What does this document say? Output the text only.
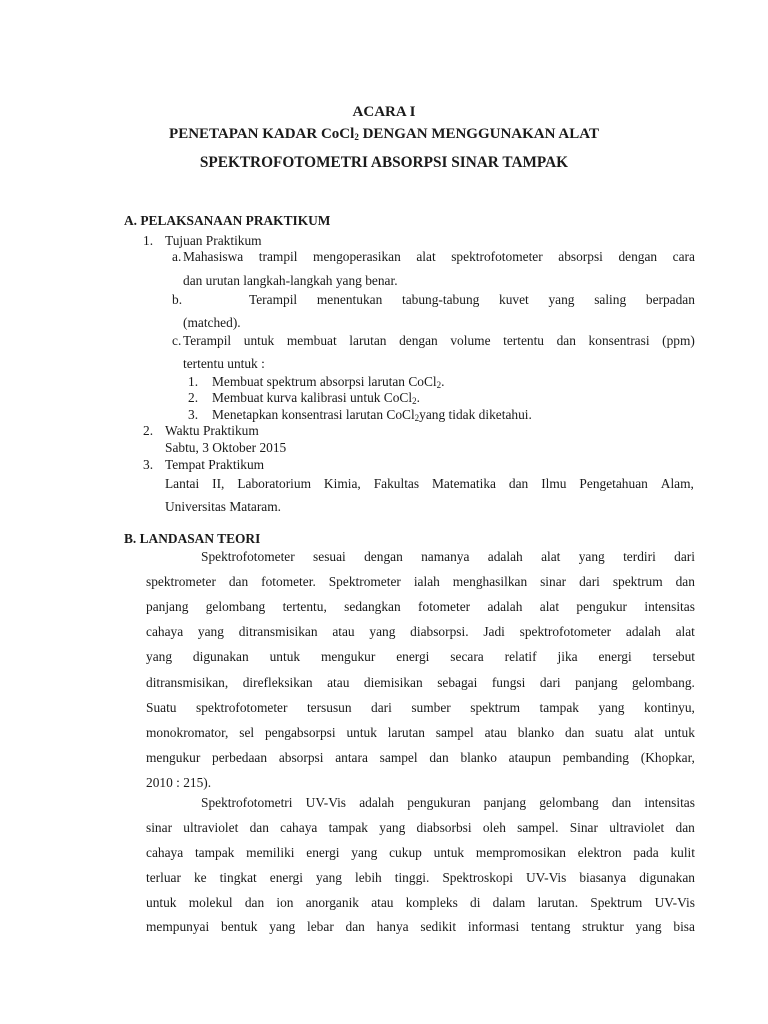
ACARA I
PENETAPAN KADAR CoCl$_2$ DENGAN MENGGUNAKAN ALAT
SPEKTROFOTOMETRI ABSORPSI SINAR TAMPAK
A. PELAKSANAAN PRAKTIKUM
1. Tujuan Praktikum
a. Mahasiswa trampil mengoperasikan alat spektrofotometer absorpsi dengan cara
dan urutan langkah-langkah yang benar.
b.	Terampil menentukan tabung-tabung kuvet yang saling berpadan
(matched).
c. Terampil untuk membuat larutan dengan volume tertentu dan konsentrasi (ppm)
tertentu untuk :
1. Membuat spektrum absorpsi larutan CoCl$_2$.
2. Membuat kurva kalibrasi untuk CoCl$_2$.
3. Menetapkan konsentrasi larutan CoCl$_2$yang tidak diketahui.
2. Waktu Praktikum
Sabtu, 3 Oktober 2015
3. Tempat Praktikum
Lantai II, Laboratorium Kimia, Fakultas Matematika dan Ilmu Pengetahuan Alam,
Universitas Mataram.
B. LANDASAN TEORI
Spektrofotometer sesuai dengan namanya adalah alat yang terdiri dari
spektrometer dan fotometer. Spektrometer ialah menghasilkan sinar dari spektrum dan
panjang gelombang tertentu, sedangkan fotometer adalah alat pengukur intensitas
cahaya yang ditransmisikan atau yang diabsorpsi. Jadi spektrofotometer adalah alat
yang digunakan untuk mengukur energi secara relatif jika energi tersebut
ditransmisikan, direfleksikan atau diemisikan sebagai fungsi dari panjang gelombang.
Suatu spektrofotometer tersusun dari sumber spektrum tampak yang kontinyu,
monokromator, sel pengabsorpsi untuk larutan sampel atau blanko dan suatu alat untuk
mengukur perbedaan absorpsi antara sampel dan blanko ataupun pembanding (Khopkar,
2010 : 215).
Spektrofotometri UV-Vis adalah pengukuran panjang gelombang dan intensitas
sinar ultraviolet dan cahaya tampak yang diabsorbsi oleh sampel. Sinar ultraviolet dan
cahaya tampak memiliki energi yang cukup untuk mempromosikan elektron pada kulit
terluar ke tingkat energi yang lebih tinggi. Spektroskopi UV-Vis biasanya digunakan
untuk molekul dan ion anorganik atau kompleks di dalam larutan. Spektrum UV-Vis
mempunyai bentuk yang lebar dan hanya sedikit informasi tentang struktur yang bisa
